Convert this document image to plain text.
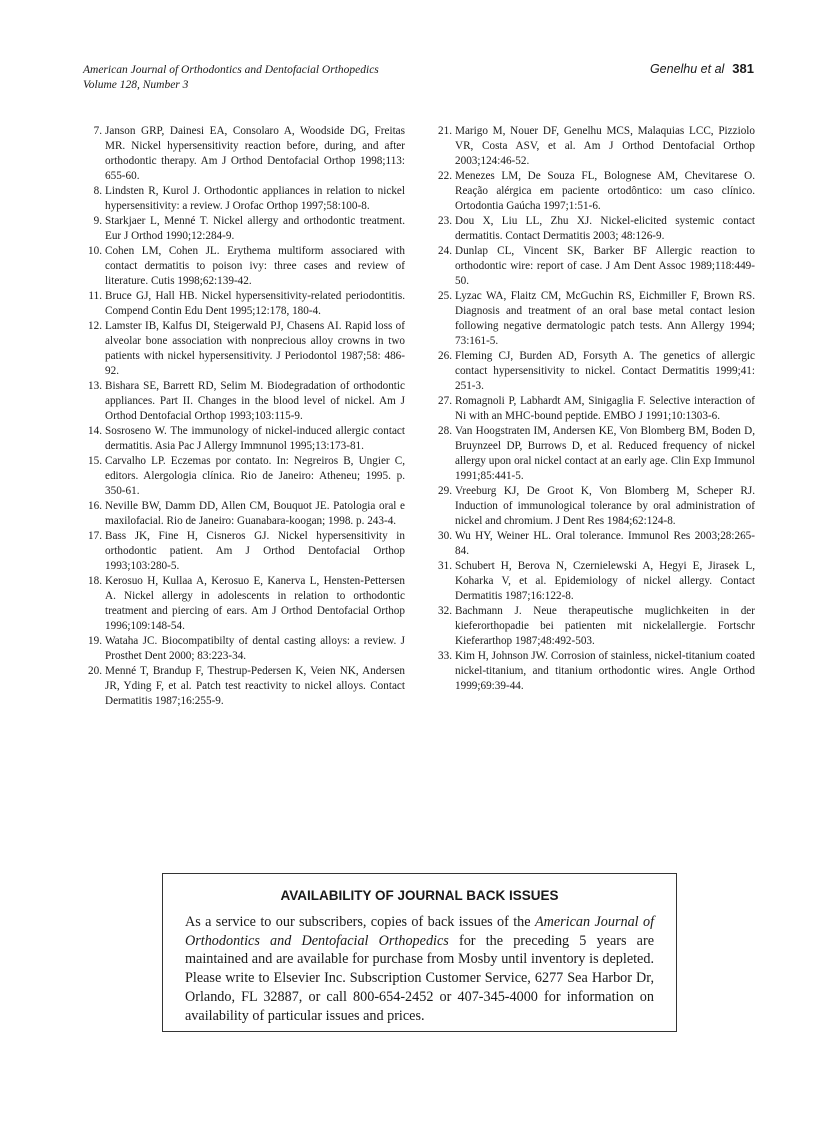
American Journal of Orthodontics and Dentofacial Orthopedics
Volume 128, Number 3
Genelhu et al 381
7. Janson GRP, Dainesi EA, Consolaro A, Woodside DG, Freitas MR. Nickel hypersensitivity reaction before, during, and after orthodontic therapy. Am J Orthod Dentofacial Orthop 1998;113: 655-60.
8. Lindsten R, Kurol J. Orthodontic appliances in relation to nickel hypersensitivity: a review. J Orofac Orthop 1997;58:100-8.
9. Starkjaer L, Menné T. Nickel allergy and orthodontic treatment. Eur J Orthod 1990;12:284-9.
10. Cohen LM, Cohen JL. Erythema multiform associared with contact dermatitis to poison ivy: three cases and review of literature. Cutis 1998;62:139-42.
11. Bruce GJ, Hall HB. Nickel hypersensitivity-related periodontitis. Compend Contin Edu Dent 1995;12:178, 180-4.
12. Lamster IB, Kalfus DI, Steigerwald PJ, Chasens AI. Rapid loss of alveolar bone association with nonprecious alloy crowns in two patients with nickel hypersensitivity. J Periodontol 1987;58: 486-92.
13. Bishara SE, Barrett RD, Selim M. Biodegradation of orthodontic appliances. Part II. Changes in the blood level of nickel. Am J Orthod Dentofacial Orthop 1993;103:115-9.
14. Sosroseno W. The immunology of nickel-induced allergic contact dermatitis. Asia Pac J Allergy Immnunol 1995;13:173-81.
15. Carvalho LP. Eczemas por contato. In: Negreiros B, Ungier C, editors. Alergologia clínica. Rio de Janeiro: Atheneu; 1995. p. 350-61.
16. Neville BW, Damm DD, Allen CM, Bouquot JE. Patologia oral e maxilofacial. Rio de Janeiro: Guanabara-koogan; 1998. p. 243-4.
17. Bass JK, Fine H, Cisneros GJ. Nickel hypersensitivity in orthodontic patient. Am J Orthod Dentofacial Orthop 1993;103:280-5.
18. Kerosuo H, Kullaa A, Kerosuo E, Kanerva L, Hensten-Pettersen A. Nickel allergy in adolescents in relation to orthodontic treatment and piercing of ears. Am J Orthod Dentofacial Orthop 1996;109:148-54.
19. Wataha JC. Biocompatibilty of dental casting alloys: a review. J Prosthet Dent 2000; 83:223-34.
20. Menné T, Brandup F, Thestrup-Pedersen K, Veien NK, Andersen JR, Yding F, et al. Patch test reactivity to nickel alloys. Contact Dermatitis 1987;16:255-9.
21. Marigo M, Nouer DF, Genelhu MCS, Malaquias LCC, Pizziolo VR, Costa ASV, et al. Am J Orthod Dentofacial Orthop 2003;124:46-52.
22. Menezes LM, De Souza FL, Bolognese AM, Chevitarese O. Reação alérgica em paciente ortodôntico: um caso clínico. Ortodontia Gaúcha 1997;1:51-6.
23. Dou X, Liu LL, Zhu XJ. Nickel-elicited systemic contact dermatitis. Contact Dermatitis 2003; 48:126-9.
24. Dunlap CL, Vincent SK, Barker BF Allergic reaction to orthodontic wire: report of case. J Am Dent Assoc 1989;118:449-50.
25. Lyzac WA, Flaitz CM, McGuchin RS, Eichmiller F, Brown RS. Diagnosis and treatment of an oral base metal contact lesion following negative dermatologic patch tests. Ann Allergy 1994; 73:161-5.
26. Fleming CJ, Burden AD, Forsyth A. The genetics of allergic contact hypersensitivity to nickel. Contact Dermatitis 1999;41: 251-3.
27. Romagnoli P, Labhardt AM, Sinigaglia F. Selective interaction of Ni with an MHC-bound peptide. EMBO J 1991;10:1303-6.
28. Van Hoogstraten IM, Andersen KE, Von Blomberg BM, Boden D, Bruynzeel DP, Burrows D, et al. Reduced frequency of nickel allergy upon oral nickel contact at an early age. Clin Exp Immunol 1991;85:441-5.
29. Vreeburg KJ, De Groot K, Von Blomberg M, Scheper RJ. Induction of immunological tolerance by oral administration of nickel and chromium. J Dent Res 1984;62:124-8.
30. Wu HY, Weiner HL. Oral tolerance. Immunol Res 2003;28:265-84.
31. Schubert H, Berova N, Czernielewski A, Hegyi E, Jirasek L, Koharka V, et al. Epidemiology of nickel allergy. Contact Dermatitis 1987;16:122-8.
32. Bachmann J. Neue therapeutische muglichkeiten in der kieferorthopadie bei patienten mit nickelallergie. Fortschr Kieferarthop 1987;48:492-503.
33. Kim H, Johnson JW. Corrosion of stainless, nickel-titanium coated nickel-titanium, and titanium orthodontic wires. Angle Orthod 1999;69:39-44.
AVAILABILITY OF JOURNAL BACK ISSUES

As a service to our subscribers, copies of back issues of the American Journal of Orthodontics and Dentofacial Orthopedics for the preceding 5 years are maintained and are available for purchase from Mosby until inventory is depleted. Please write to Elsevier Inc. Subscription Customer Service, 6277 Sea Harbor Dr, Orlando, FL 32887, or call 800-654-2452 or 407-345-4000 for information on availability of particular issues and prices.
